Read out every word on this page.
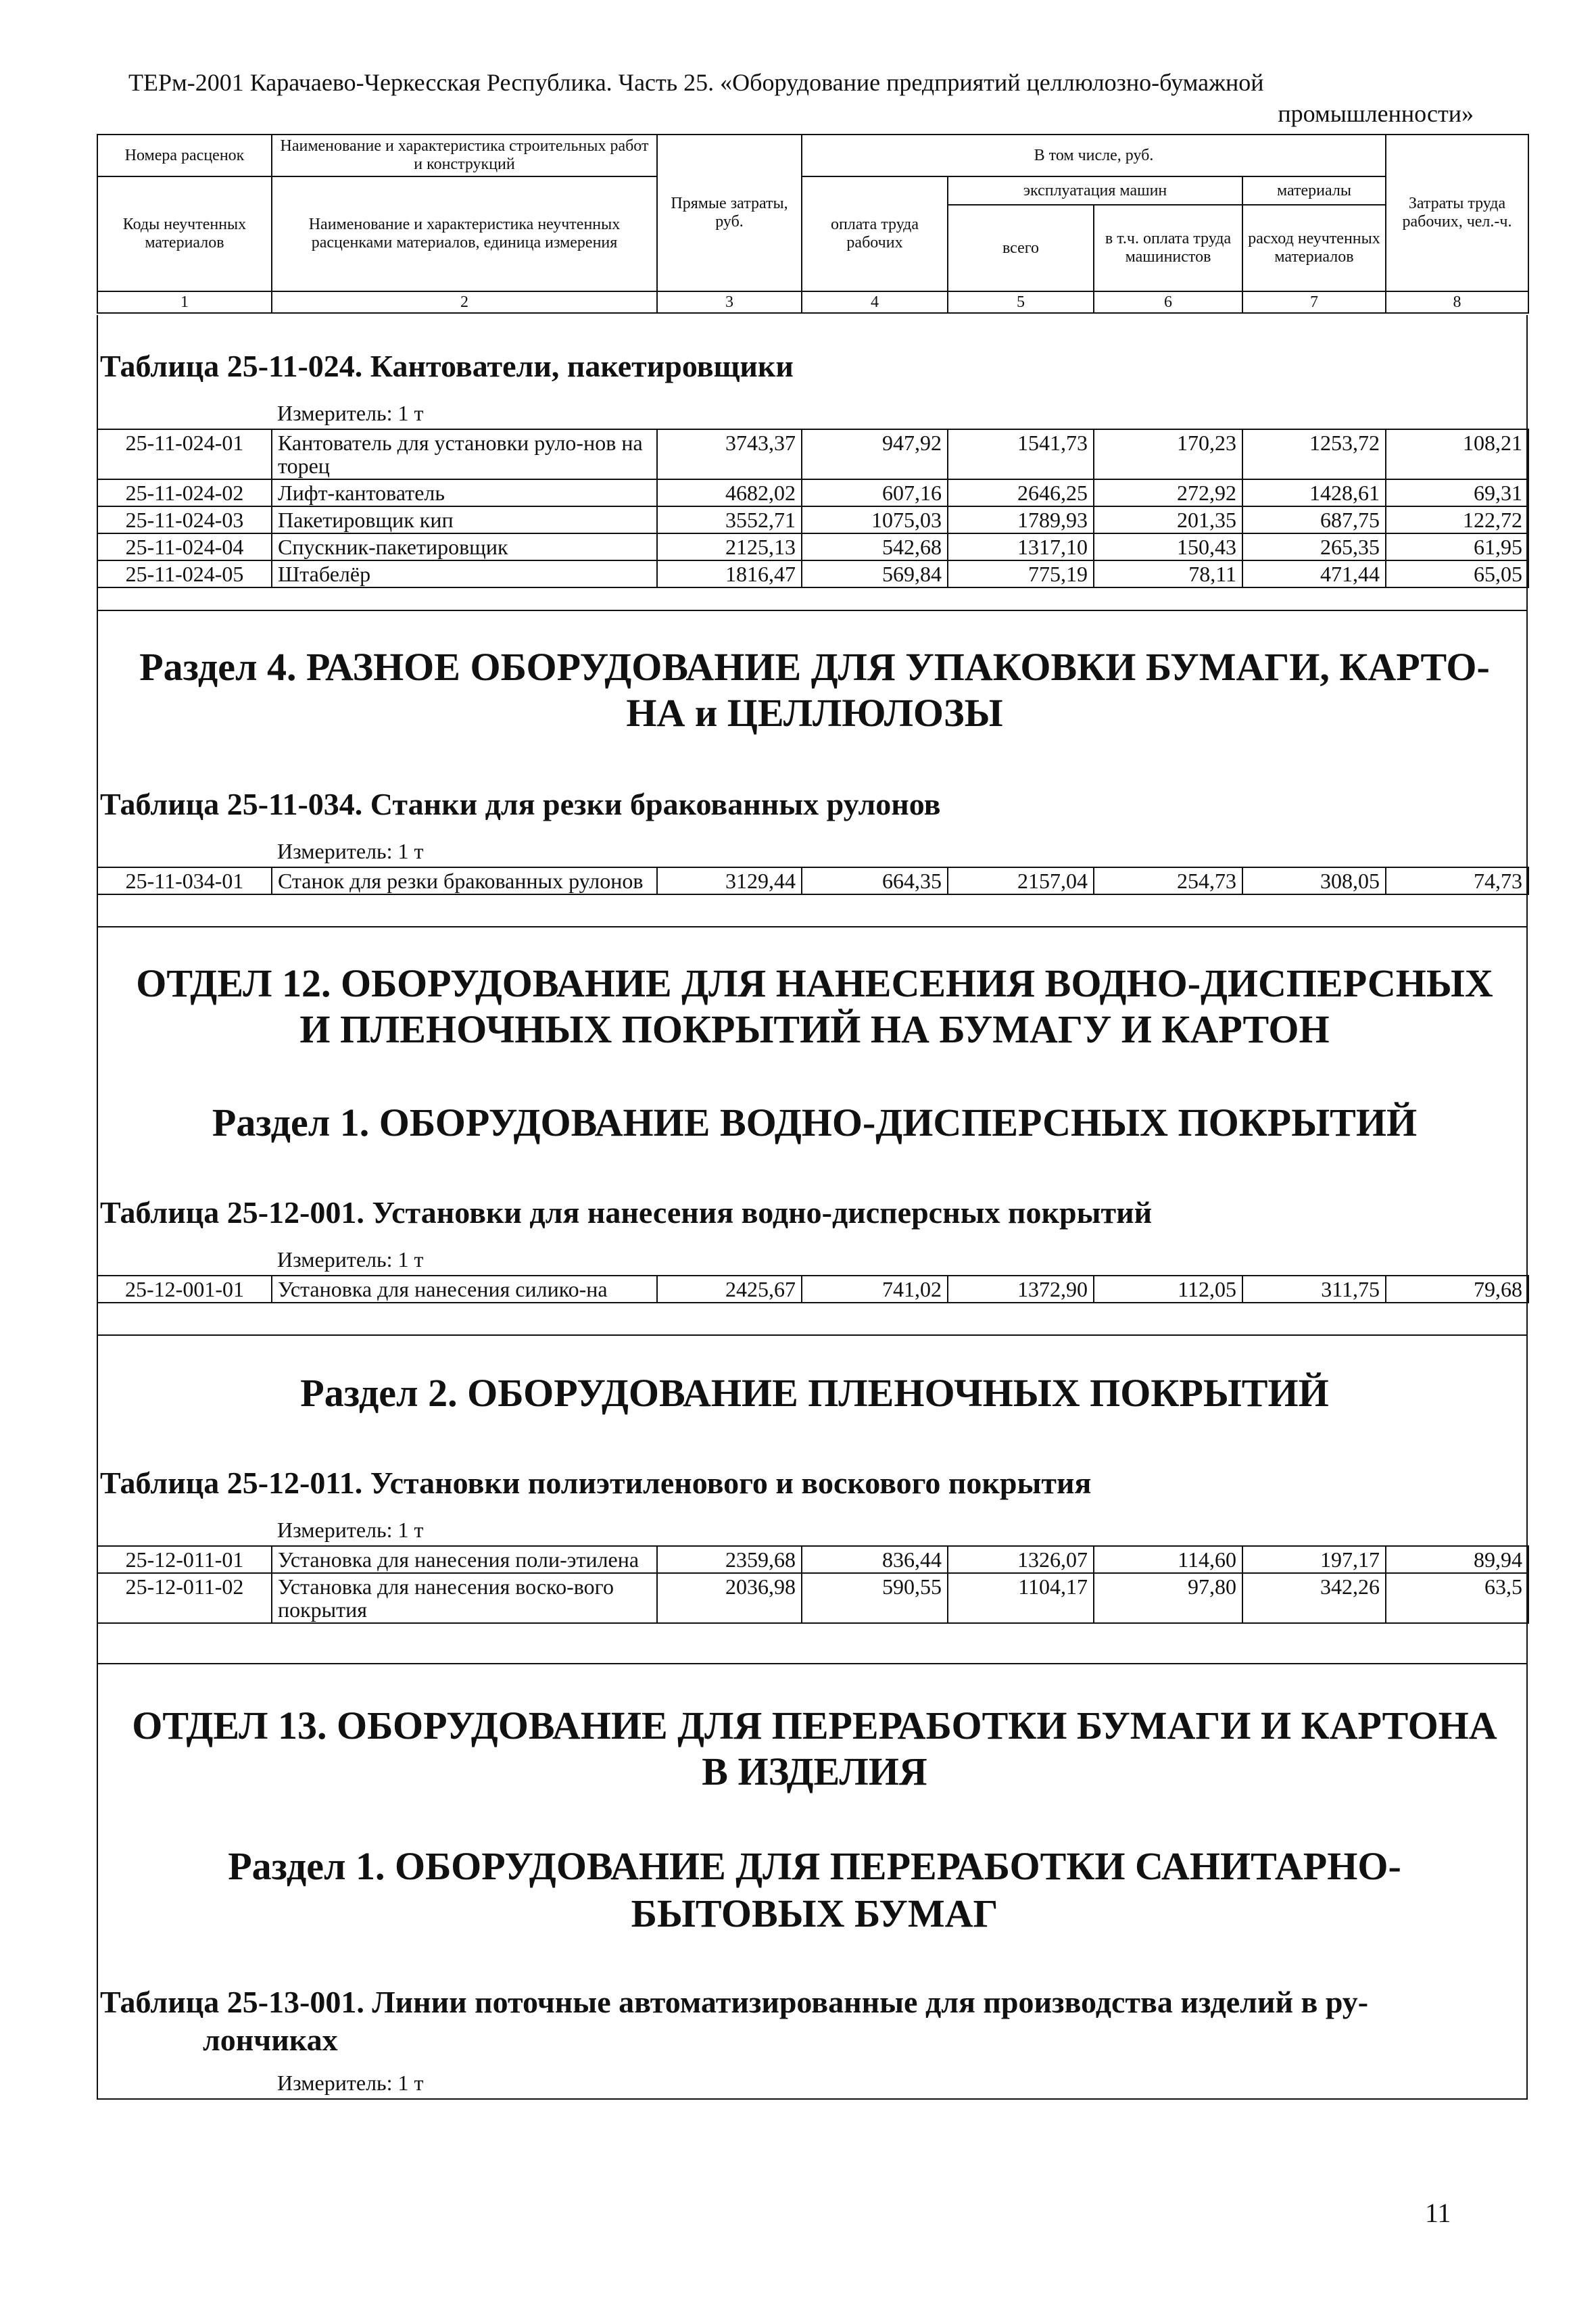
ТЕРм-2001 Карачаево-Черкесская Республика. Часть 25. «Оборудование предприятий целлюлозно-бумажной
промышленности»
Номера расценок	Наименование и характеристика строительных работ и конструкций	Прямые затраты, руб.	В том числе, руб.				Затраты труда рабочих, чел.-ч.
Коды неучтенных материалов	Наименование и характеристика неучтенных расценками материалов, единица измерения		оплата труда рабочих	эксплуатация машин		материалы	
				всего	в т.ч. оплата труда машинистов	расход неучтенных материалов	
1	2	3	4	5	6	7	8
Таблица 25-11-024. Кантователи, пакетировщики
Измеритель: 1 т
25-11-024-01	Кантователь для установки руло-нов на торец	3743,37	947,92	1541,73	170,23	1253,72	108,21
25-11-024-02	Лифт-кантователь	4682,02	607,16	2646,25	272,92	1428,61	69,31
25-11-024-03	Пакетировщик кип	3552,71	1075,03	1789,93	201,35	687,75	122,72
25-11-024-04	Спускник-пакетировщик	2125,13	542,68	1317,10	150,43	265,35	61,95
25-11-024-05	Штабелёр	1816,47	569,84	775,19	78,11	471,44	65,05
Раздел 4. РАЗНОЕ ОБОРУДОВАНИЕ ДЛЯ УПАКОВКИ БУМАГИ, КАРТО-
НА и ЦЕЛЛЮЛОЗЫ
Таблица 25-11-034. Станки для резки бракованных рулонов
Измеритель: 1 т
25-11-034-01	Станок для резки бракованных рулонов	3129,44	664,35	2157,04	254,73	308,05	74,73
ОТДЕЛ 12. ОБОРУДОВАНИЕ ДЛЯ НАНЕСЕНИЯ ВОДНО-ДИСПЕРСНЫХ
И ПЛЕНОЧНЫХ ПОКРЫТИЙ НА БУМАГУ И КАРТОН
Раздел 1. ОБОРУДОВАНИЕ ВОДНО-ДИСПЕРСНЫХ ПОКРЫТИЙ
Таблица 25-12-001. Установки для нанесения водно-дисперсных покрытий
Измеритель: 1 т
25-12-001-01	Установка для нанесения силико-на	2425,67	741,02	1372,90	112,05	311,75	79,68
Раздел 2. ОБОРУДОВАНИЕ ПЛЕНОЧНЫХ ПОКРЫТИЙ
Таблица 25-12-011. Установки полиэтиленового и воскового покрытия
Измеритель: 1 т
25-12-011-01	Установка для нанесения поли-этилена	2359,68	836,44	1326,07	114,60	197,17	89,94
25-12-011-02	Установка для нанесения воско-вого покрытия	2036,98	590,55	1104,17	97,80	342,26	63,5
ОТДЕЛ 13. ОБОРУДОВАНИЕ ДЛЯ ПЕРЕРАБОТКИ БУМАГИ И КАРТОНА
В ИЗДЕЛИЯ
Раздел 1. ОБОРУДОВАНИЕ ДЛЯ ПЕРЕРАБОТКИ САНИТАРНО-
БЫТОВЫХ БУМАГ
Таблица 25-13-001. Линии поточные автоматизированные для производства изделий в ру-
лончиках
Измеритель: 1 т
11
